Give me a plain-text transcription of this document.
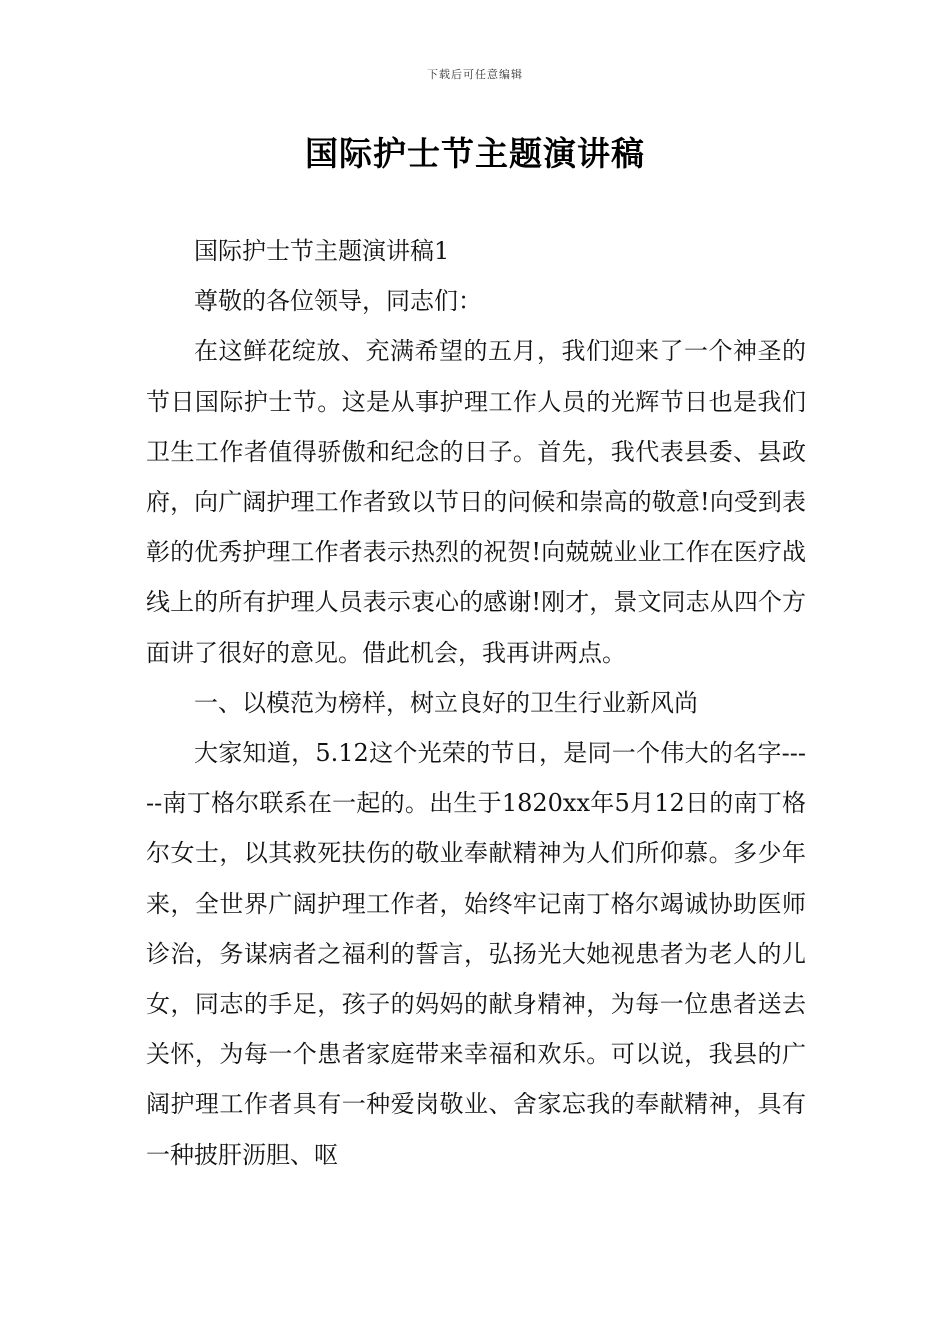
下载后可任意编辑
国际护士节主题演讲稿

国际护士节主题演讲稿1

尊敬的各位领导，同志们：

在这鲜花绽放、充满希望的五月，我们迎来了一个神圣的节日国际护士节。这是从事护理工作人员的光辉节日也是我们卫生工作者值得骄傲和纪念的日子。首先，我代表县委、县政府，向广阔护理工作者致以节日的问候和崇高的敬意!向受到表彰的优秀护理工作者表示热烈的祝贺!向兢兢业业工作在医疗战线上的所有护理人员表示衷心的感谢!刚才，景文同志从四个方面讲了很好的意见。借此机会，我再讲两点。

一、以模范为榜样，树立良好的卫生行业新风尚

大家知道，5.12这个光荣的节日，是同一个伟大的名字-----南丁格尔联系在一起的。出生于1820xx年5月12日的南丁格尔女士，以其救死扶伤的敬业奉献精神为人们所仰慕。多少年来，全世界广阔护理工作者，始终牢记南丁格尔竭诚协助医师诊治，务谋病者之福利的誓言，弘扬光大她视患者为老人的儿女，同志的手足，孩子的妈妈的献身精神，为每一位患者送去关怀，为每一个患者家庭带来幸福和欢乐。可以说，我县的广阔护理工作者具有一种爱岗敬业、舍家忘我的奉献精神，具有一种披肝沥胆、呕
